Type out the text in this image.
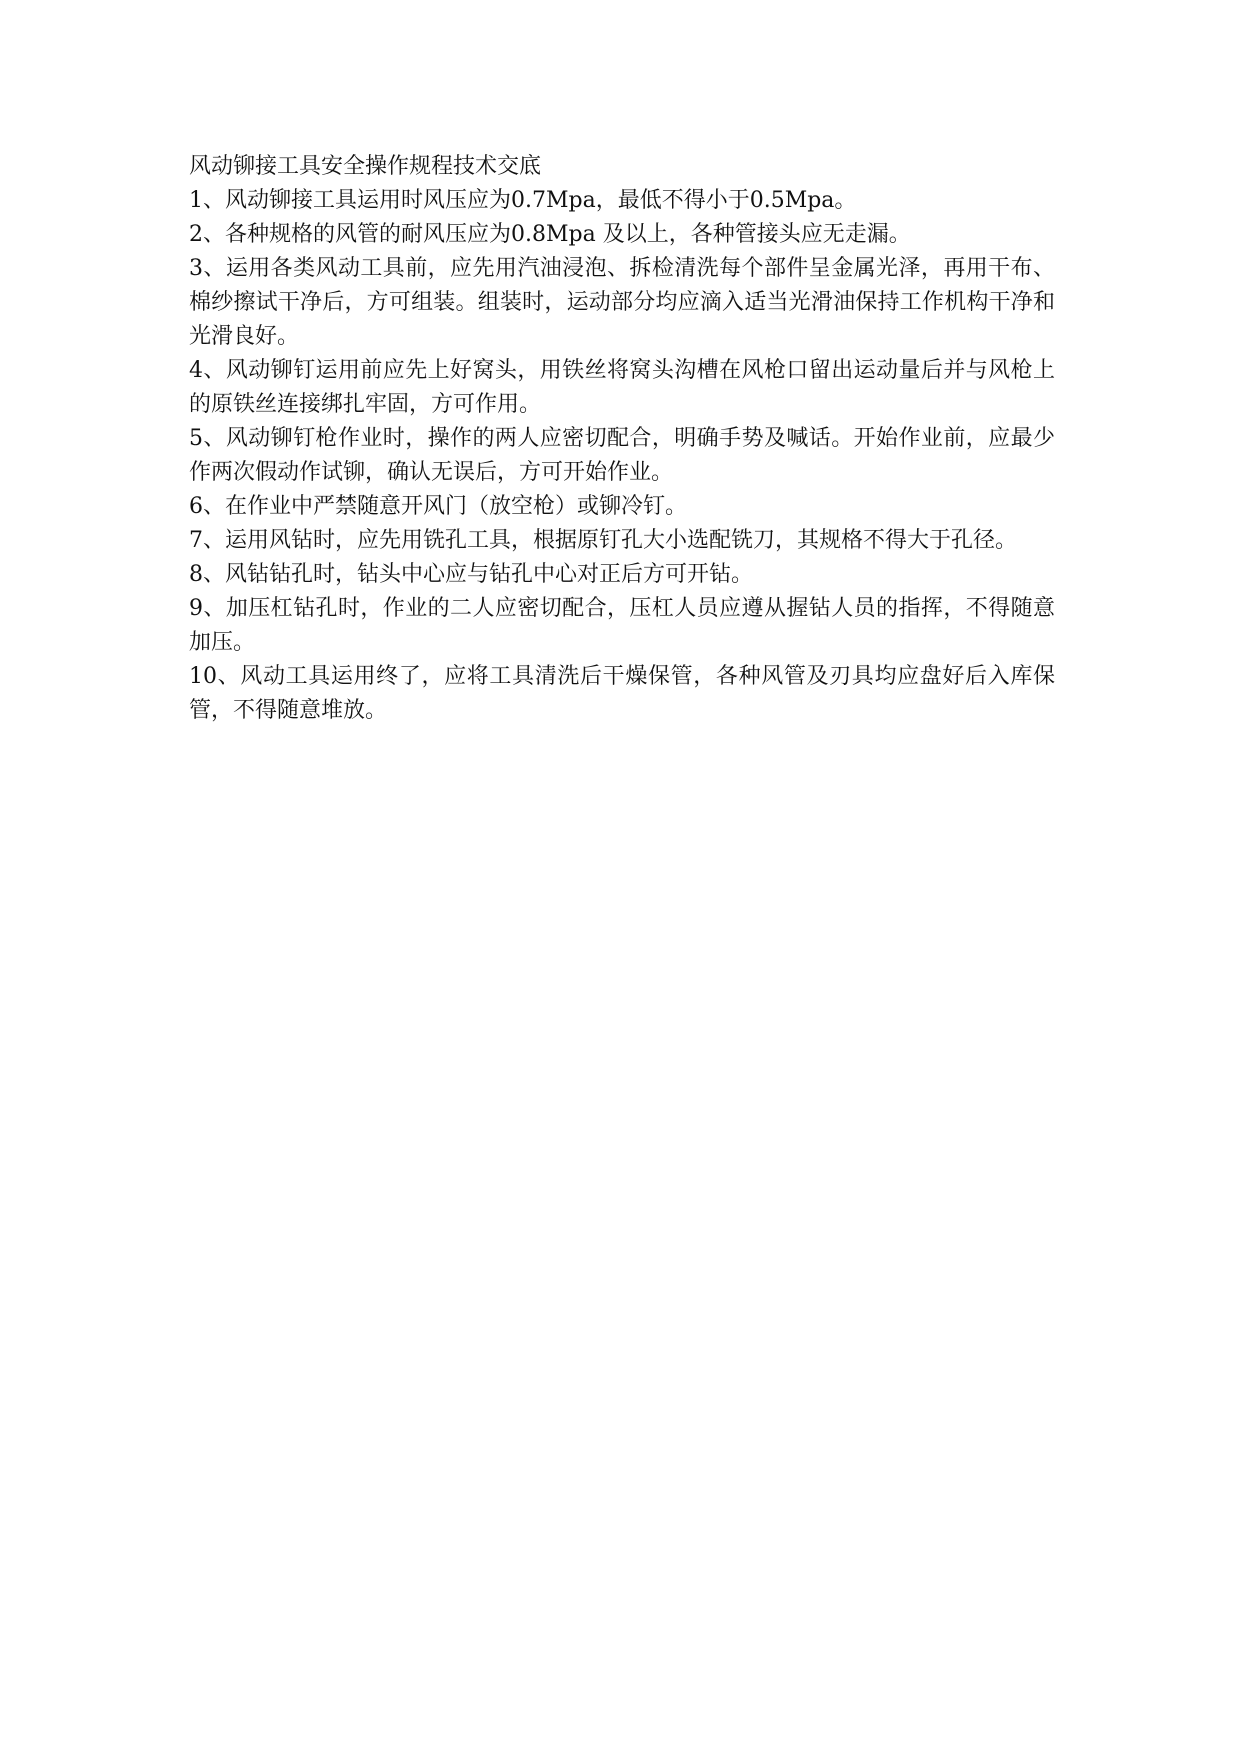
风动铆接工具安全操作规程技术交底

1、风动铆接工具运用时风压应为0.7Mpa，最低不得小于0.5Mpa。

2、各种规格的风管的耐风压应为0.8Mpa 及以上，各种管接头应无走漏。

3、运用各类风动工具前，应先用汽油浸泡、拆检清洗每个部件呈金属光泽，再用干布、棉纱擦试干净后，方可组装。组装时，运动部分均应滴入适当光滑油保持工作机构干净和光滑良好。

4、风动铆钉运用前应先上好窝头，用铁丝将窝头沟槽在风枪口留出运动量后并与风枪上的原铁丝连接绑扎牢固，方可作用。

5、风动铆钉枪作业时，操作的两人应密切配合，明确手势及喊话。开始作业前，应最少作两次假动作试铆，确认无误后，方可开始作业。

6、在作业中严禁随意开风门（放空枪）或铆冷钉。

7、运用风钻时，应先用铣孔工具，根据原钉孔大小选配铣刀，其规格不得大于孔径。

8、风钻钻孔时，钻头中心应与钻孔中心对正后方可开钻。

9、加压杠钻孔时，作业的二人应密切配合，压杠人员应遵从握钻人员的指挥，不得随意加压。

10、风动工具运用终了，应将工具清洗后干燥保管，各种风管及刃具均应盘好后入库保管，不得随意堆放。
